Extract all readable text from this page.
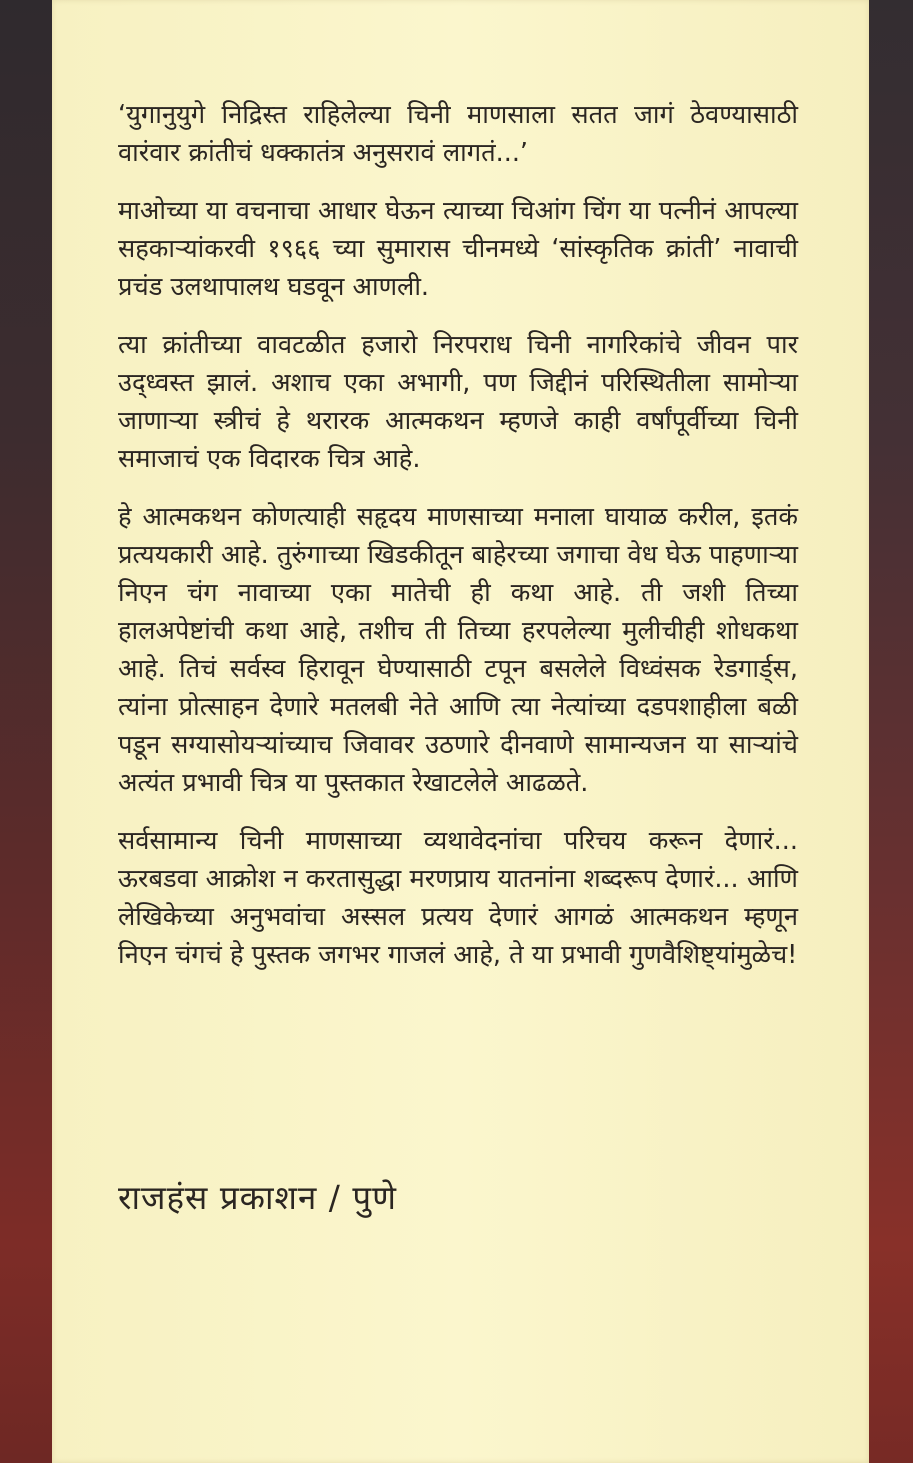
‘युगानुयुगे निद्रिस्त राहिलेल्या चिनी माणसाला सतत जागं ठेवण्यासाठी वारंवार क्रांतीचं धक्कातंत्र अनुसरावं लागतं...’

माओच्या या वचनाचा आधार घेऊन त्याच्या चिआंग चिंग या पत्नीनं आपल्या सहकाऱ्यांकरवी १९६६ च्या सुमारास चीनमध्ये ‘सांस्कृतिक क्रांती’ नावाची प्रचंड उलथापालथ घडवून आणली.

त्या क्रांतीच्या वावटळीत हजारो निरपराध चिनी नागरिकांचे जीवन पार उद्ध्वस्त झालं. अशाच एका अभागी, पण जिद्दीनं परिस्थितीला सामोऱ्या जाणाऱ्या स्त्रीचं हे थरारक आत्मकथन म्हणजे काही वर्षांपूर्वीच्या चिनी समाजाचं एक विदारक चित्र आहे.

हे आत्मकथन कोणत्याही सहृदय माणसाच्या मनाला घायाळ करील, इतकं प्रत्ययकारी आहे. तुरुंगाच्या खिडकीतून बाहेरच्या जगाचा वेध घेऊ पाहणाऱ्या निएन चंग नावाच्या एका मातेची ही कथा आहे. ती जशी तिच्या हालअपेष्टांची कथा आहे, तशीच ती तिच्या हरपलेल्या मुलीचीही शोधकथा आहे. तिचं सर्वस्व हिरावून घेण्यासाठी टपून बसलेले विध्वंसक रेडगार्ड्स, त्यांना प्रोत्साहन देणारे मतलबी नेते आणि त्या नेत्यांच्या दडपशाहीला बळी पडून सग्यासोयऱ्यांच्याच जिवावर उठणारे दीनवाणे सामान्यजन या साऱ्यांचे अत्यंत प्रभावी चित्र या पुस्तकात रेखाटलेले आढळते.

सर्वसामान्य चिनी माणसाच्या व्यथावेदनांचा परिचय करून देणारं... ऊरबडवा आक्रोश न करतासुद्धा मरणप्राय यातनांना शब्दरूप देणारं... आणि लेखिकेच्या अनुभवांचा अस्सल प्रत्यय देणारं आगळं आत्मकथन म्हणून निएन चंगचं हे पुस्तक जगभर गाजलं आहे, ते या प्रभावी गुणवैशिष्ट्यांमुळेच!

राजहंस प्रकाशन / पुणे
